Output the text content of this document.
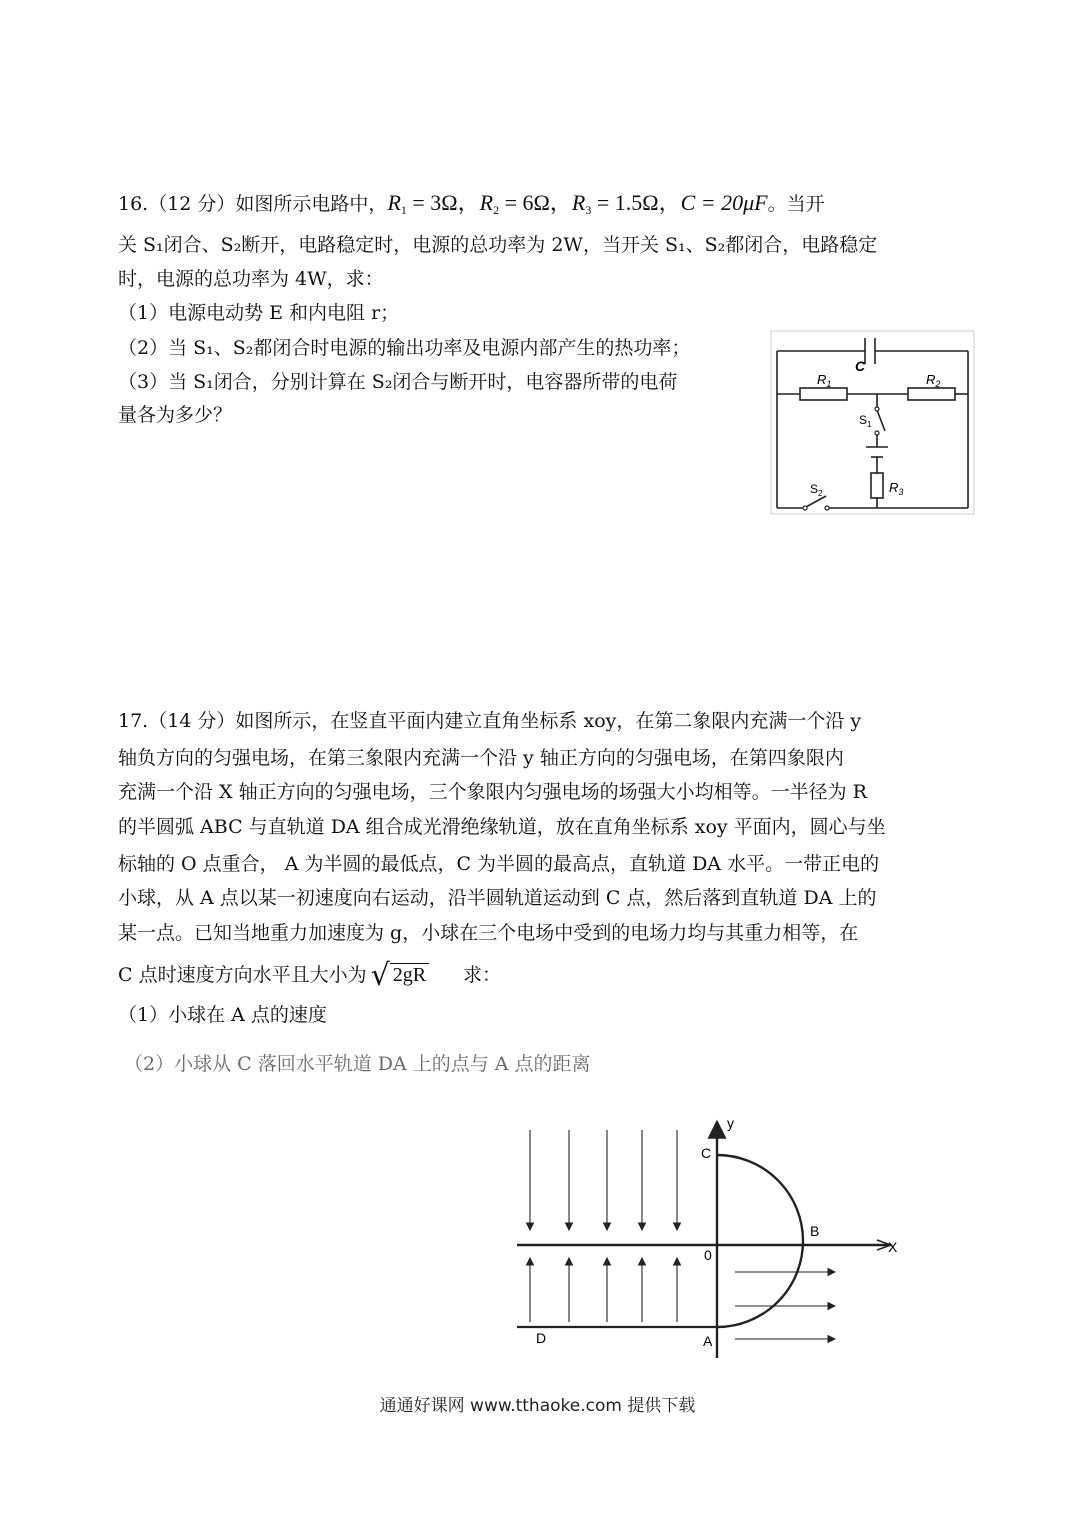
16.（12 分）如图所示电路中，$R_1 = 3\Omega$，$R_2 = 6\Omega$，$R_3 = 1.5\Omega$，C = 20μF。当开
关 S₁闭合、S₂断开，电路稳定时，电源的总功率为 2W，当开关 S₁、S₂都闭合，电路稳定
时，电源的总功率为 4W，求：
（1）电源电动势 E 和内电阻 r；
（2）当 S₁、S₂都闭合时电源的输出功率及电源内部产生的热功率；
（3）当 S₁闭合，分别计算在 S₂闭合与断开时，电容器所带的电荷
量各为多少？
C
$R_1$	$R_2$
$R_3$
$S_1$
$S_2$
17.（14 分）如图所示，在竖直平面内建立直角坐标系 xoy，在第二象限内充满一个沿 y
轴负方向的匀强电场，在第三象限内充满一个沿 y 轴正方向的匀强电场，在第四象限内
充满一个沿 X 轴正方向的匀强电场，三个象限内匀强电场的场强大小均相等。一半径为 R
的半圆弧 ABC 与直轨道 DA 组合成光滑绝缘轨道，放在直角坐标系 xoy 平面内，圆心与坐
标轴的 O 点重合， A 为半圆的最低点，C 为半圆的最高点，直轨道 DA 水平。一带正电的
小球，从 A 点以某一初速度向右运动，沿半圆轨道运动到 C 点，然后落到直轨道 DA 上的
某一点。已知当地重力加速度为 g，小球在三个电场中受到的电场力均与其重力相等，在
C 点时速度方向水平且大小为 √ 2gR 求：
（1）小球在 A 点的速度
（2）小球从 C 落回水平轨道 DA 上的点与 A 点的距离
y
X
C
B
0
A
D
通通好课网 www.tthaoke.com 提供下载
